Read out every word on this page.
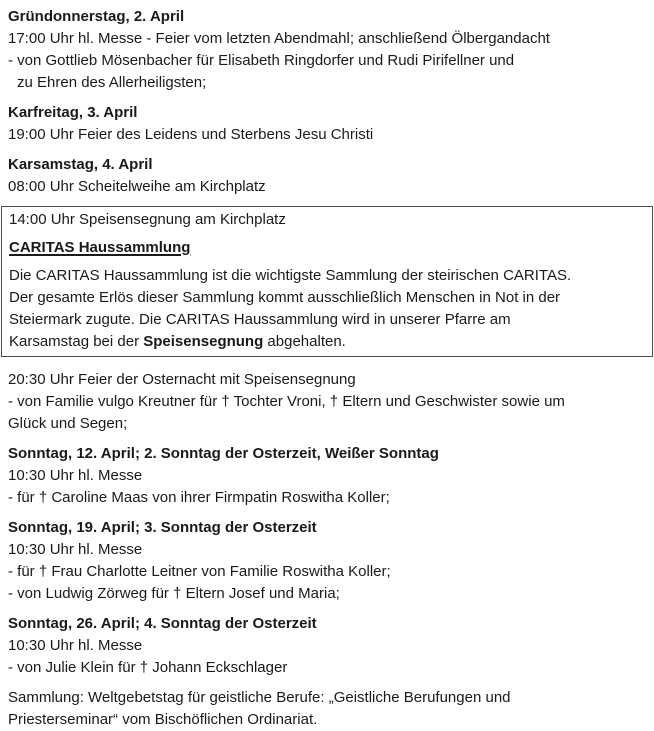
Gründonnerstag, 2. April
17:00 Uhr hl. Messe - Feier vom letzten Abendmahl; anschließend Ölbergandacht
- von Gottlieb Mösenbacher für Elisabeth Ringdorfer und Rudi Pirifellner und
zu Ehren des Allerheiligsten;
Karfreitag, 3. April
19:00 Uhr Feier des Leidens und Sterbens Jesu Christi
Karsamstag, 4. April
08:00 Uhr Scheitelweihe am Kirchplatz
14:00 Uhr Speisensegnung am Kirchplatz
CARITAS Haussammlung
Die CARITAS Haussammlung ist die wichtigste Sammlung der steirischen CARITAS.
Der gesamte Erlös dieser Sammlung kommt ausschließlich Menschen in Not in der
Steiermark zugute. Die CARITAS Haussammlung wird in unserer Pfarre am
Karsamstag bei der Speisensegnung abgehalten.
20:30 Uhr Feier der Osternacht mit Speisensegnung
- von Familie vulgo Kreutner für † Tochter Vroni, † Eltern und Geschwister sowie um
Glück und Segen;
Sonntag, 12. April; 2. Sonntag der Osterzeit, Weißer Sonntag
10:30 Uhr hl. Messe
- für † Caroline Maas von ihrer Firmpatin Roswitha Koller;
Sonntag, 19. April; 3. Sonntag der Osterzeit
10:30 Uhr hl. Messe
- für † Frau Charlotte Leitner von Familie Roswitha Koller;
- von Ludwig Zörweg für † Eltern Josef und Maria;
Sonntag, 26. April; 4. Sonntag der Osterzeit
10:30 Uhr hl. Messe
- von Julie Klein für † Johann Eckschlager
Sammlung: Weltgebetstag für geistliche Berufe: „Geistliche Berufungen und
Priesterseminar“ vom Bischöflichen Ordinariat.
